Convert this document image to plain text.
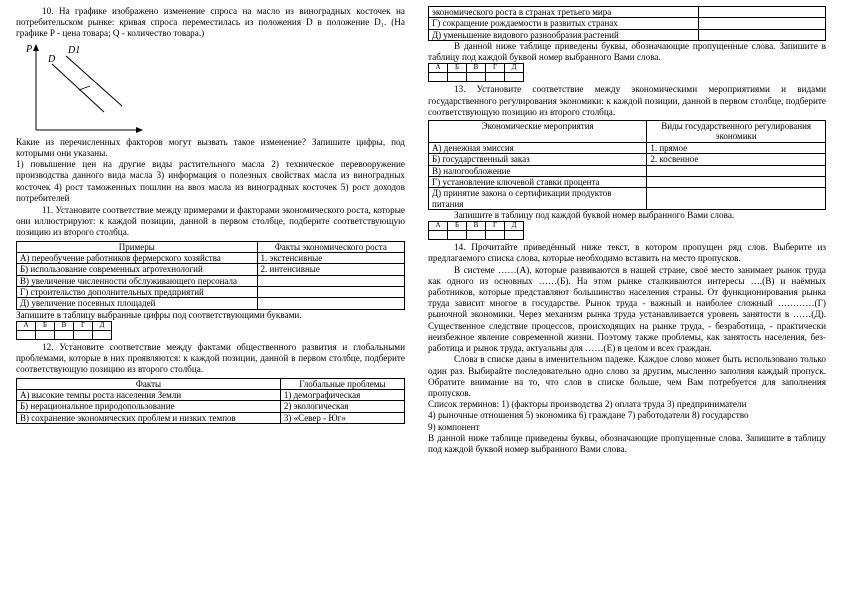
10. На графике изображено изменение спроса на масло из виноградных косточек на потребительском рынке: кривая спроса переместилась из положения D в положение D₁. (На графике P - цена товара; Q - количество товара.)

P
D
D1

Какие из перечисленных факторов могут вызвать такое изменение? Запишите цифры, под которыми они указаны.

1) повышение цен на другие виды растительного масла 2) техническое перевооружение производства данного вида масла 3) информация о полезных свойствах масла из виноградных косточек 4) рост таможенных пошлин на ввоз масла из виноградных косточек 5) рост доходов потребителей

11. Установите соответствие между примерами и факторами экономического роста, которые они иллюстрируют: к каждой позиции, данной в первом столбце, подберите соответствующую позицию из второго столбца.

Примеры	Факты экономического роста
А) переобучение работников фермерского хозяйства	1. экстенсивные
Б) использование современных агротехнологий	2. интенсивные
В) увеличение численности обслуживающего персонала	
Г) строительство дополнительных предприятий	
Д) увеличение посевных площадей	

Запишите в таблицу выбранные цифры под соответствующими буквами.

А	Б	В	Г	Д

12. Установите соответствие между фактами общественного развития и глобальными проблемами, которые в них проявляются: к каждой позиции, данной в первом столбце, подберите соответствующую позицию из второго столбца.

Факты	Глобальные проблемы
А) высокие темпы роста населения Земли	1) демографическая
Б) нерациональное природопользование	2) экологическая
В) сохранение экономических проблем и низких темпов	3) «Север - Юг»
экономического роста в странах третьего мира	
Г) сокращение рождаемости в развитых странах	
Д) уменьшение видового разнообразия растений	

В данной ниже таблице приведены буквы, обозначающие пропущенные слова. Запишите в таблицу под каждой буквой номер выбранного Вами слова.

А	Б	В	Г	Д

13. Установите соответствие между экономическими мероприятиями и видами государственного регулирования экономики: к каждой позиции, данной в первом столбце, подберите соответствующую позицию из второго столбца.

Экономические мероприятия	Виды государственного регулирования экономики
А) денежная эмиссия	1. прямое
Б) государственный заказ	2. косвенное
В) налогообложение	
Г) установление ключевой ставки процента	
Д) принятие закона о сертификации продуктов питания	

Запишите в таблицу под каждой буквой номер выбранного Вами слова.

А	Б	В	Г	Д

14. Прочитайте приведённый ниже текст, в котором пропущен ряд слов. Выберите из предлагаемого списка слова, которые необходимо вставить на место пропусков.

В системе ……(А), которые развиваются в нашей стране, своё место занимает рынок труда как одного из основных ……(Б). На этом рынке сталкиваются интересы ….(В) и наёмных работников, которые представляют большинство населения страны. От функционирования рынка труда зависит многое в государстве. Рынок труда - важный и наиболее сложный …………(Г) рыночной экономики. Через механизм рынка труда устанавливается уровень занятости в ……(Д). Существенное следствие процессов, происходящих на рынке труда, - безработица, - практически неизбежное явление современной жизни. Поэтому также проблемы, как занятость населения, без-работица и рынок труда, актуальны для ……(Е) в целом и всех граждан.

Слова в списке даны в именительном падеже. Каждое слово может быть использовано только один раз. Выбирайте последовательно одно слово за другим, мысленно заполняя каждый пропуск. Обратите внимание на то, что слов в списке больше, чем Вам потребуется для заполнения пропусков.

Список терминов: 1) (факторы производства 2) оплата труда 3) предприниматели

4) рыночные отношения 5) экономика 6) граждане 7) работодатели 8) государство

9) компонент

В данной ниже таблице приведены буквы, обозначающие пропущенные слова. Запишите в таблицу под каждой буквой номер выбранного Вами слова.
